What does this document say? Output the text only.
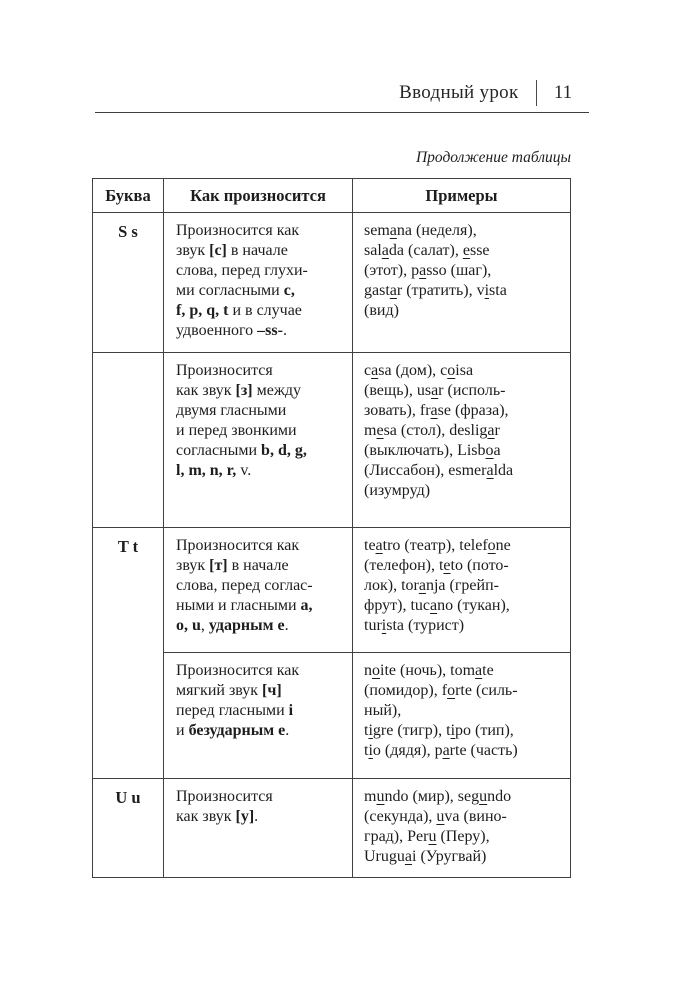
Вводный урок	11
Продолжение таблицы
Буква	Как произносится	Примеры
S s	Произносится как
звук [с] в начале
слова, перед глухи-
ми согласными c,
f, p, q, t и в случае
удвоенного –ss-.	semana (неделя),
salada (салат), esse
(этот), passo (шаг),
gastar (тратить), vista
(вид)
	Произносится
как звук [з] между
двумя гласными
и перед звонкими
согласными b, d, g,
l, m, n, r, v.	casa (дом), coisa
(вещь), usar (исполь-
зовать), frase (фраза),
mesa (стол), desligar
(выключать), Lisboa
(Лиссабон), esmeralda
(изумруд)
T t	Произносится как
звук [т] в начале
слова, перед соглас-
ными и гласными a,
o, u, ударным e.	teatro (театр), telefone
(телефон), teto (пото-
лок), toranja (грейп-
фрут), tucano (тукан),
turista (турист)
	Произносится как
мягкий звук [ч]
перед гласными i
и безударным e.	noite (ночь), tomate
(помидор), forte (силь-
ный),
tigre (тигр), tipo (тип),
tio (дядя), parte (часть)
U u	Произносится
как звук [у].	mundo (мир), segundo
(секунда), uva (вино-
град), Peru (Перу),
Uruguai (Уругвай)
